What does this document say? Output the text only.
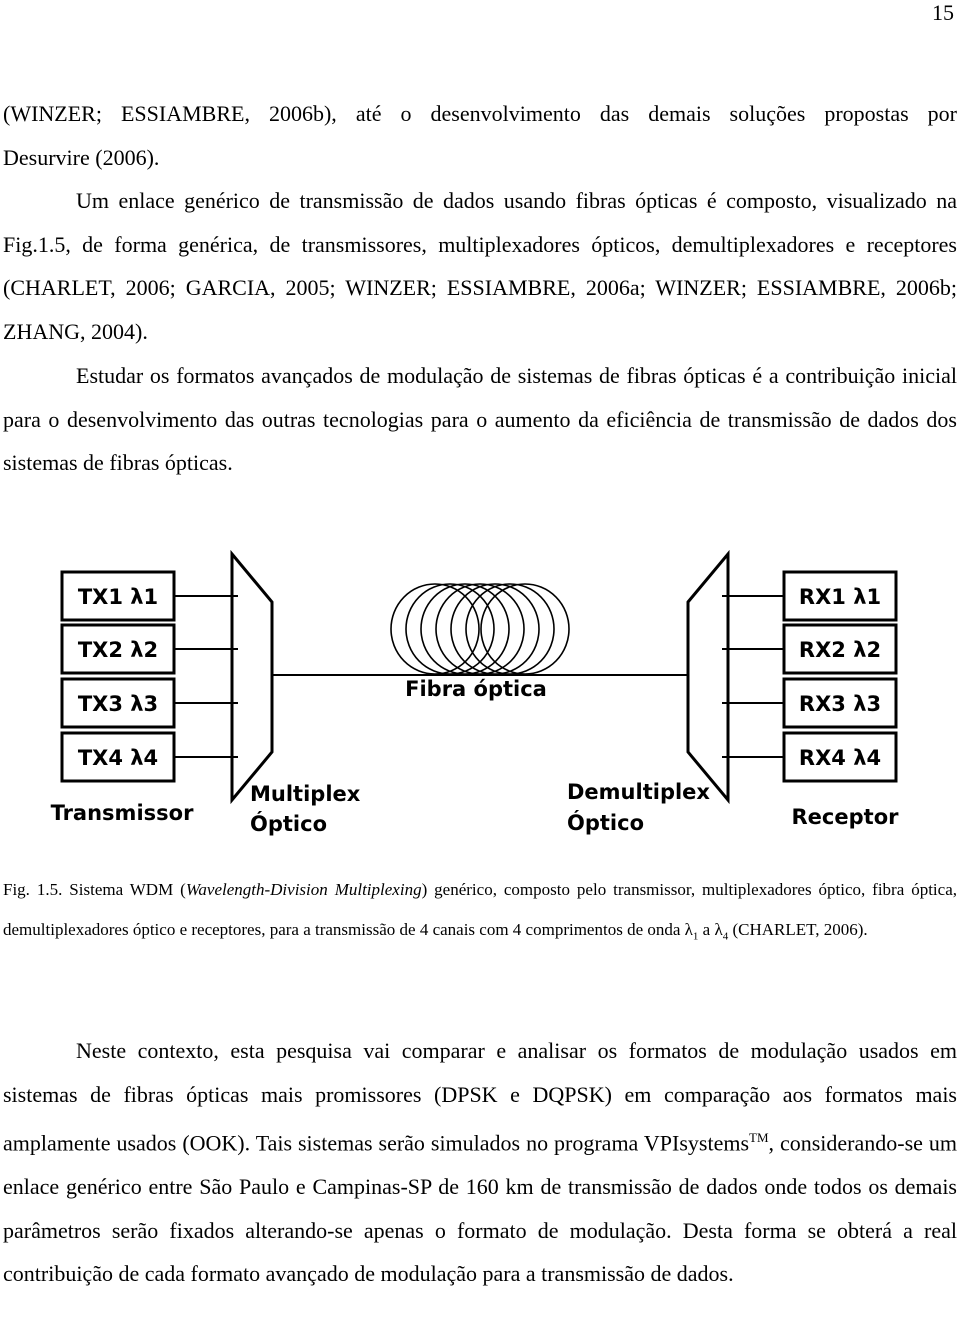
15
(WINZER; ESSIAMBRE, 2006b), até o desenvolvimento das demais soluções propostas por
Desurvire (2006).

Um enlace genérico de transmissão de dados usando fibras ópticas é composto, visualizado na Fig.1.5, de forma genérica, de transmissores, multiplexadores ópticos, demultiplexadores e receptores (CHARLET, 2006; GARCIA, 2005; WINZER; ESSIAMBRE, 2006a; WINZER; ESSIAMBRE, 2006b; ZHANG, 2004).

Estudar os formatos avançados de modulação de sistemas de fibras ópticas é a contribuição inicial para o desenvolvimento das outras tecnologias para o aumento da eficiência de transmissão de dados dos sistemas de fibras ópticas.

TX1 λ1
TX2 λ2
TX3 λ3
TX4 λ4
Fibra óptica
RX1 λ1
RX2 λ2
RX3 λ3
RX4 λ4
Transmissor
Multiplex
Óptico
Demultiplex
Óptico	Receptor

Fig. 1.5. Sistema WDM (Wavelength-Division Multiplexing) genérico, composto pelo transmissor, multiplexadores óptico, fibra óptica, demultiplexadores óptico e receptores, para a transmissão de 4 canais com 4 comprimentos de onda $\lambda_1$ a $\lambda_4$ (CHARLET, 2006).

Neste contexto, esta pesquisa vai comparar e analisar os formatos de modulação usados em sistemas de fibras ópticas mais promissores (DPSK e DQPSK) em comparação aos formatos mais amplamente usados (OOK). Tais sistemas serão simulados no programa VPIsystems™, considerando-se um enlace genérico entre São Paulo e Campinas-SP de 160 km de transmissão de dados onde todos os demais parâmetros serão fixados alterando-se apenas o formato de modulação. Desta forma se obterá a real contribuição de cada formato avançado de modulação para a transmissão de dados.
